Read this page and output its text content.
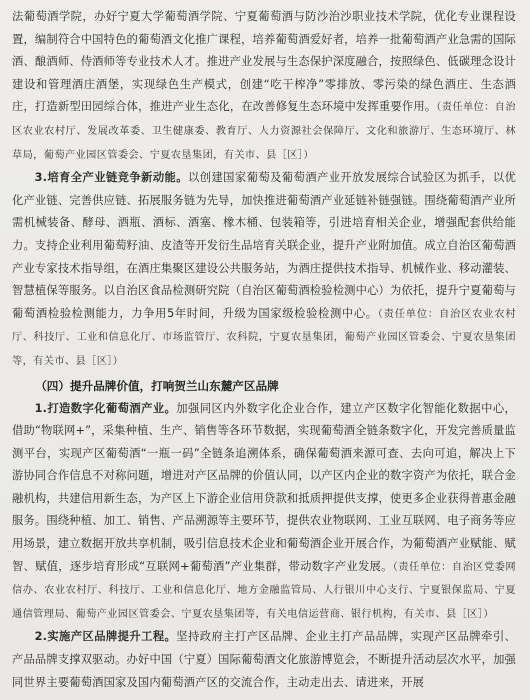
法葡萄酒学院，办好宁夏大学葡萄酒学院、宁夏葡萄酒与防沙治沙职业技术学院，优化专业课程设置，编制符合中国特色的葡萄酒文化推广课程，培养葡萄酒爱好者，培养一批葡萄酒产业急需的国际酒、酿酒师、侍酒师等专业技术人才。推进产业发展与生态保护深度融合，按照绿色、低碳理念设计建设和管理酒庄酒堡，实现绿色生产模式，创建“吃干榨净”零排放、零污染的绿色酒庄、生态酒庄，打造新型田园综合体，推进产业生态化，在改善修复生态环境中发挥重要作用。（责任单位：自治区农业农村厅、发展改革委、卫生健康委、教育厅、人力资源社会保障厅、文化和旅游厅、生态环境厅、林草局，葡萄产业园区管委会、宁夏农垦集团，有关市、县［区］）

3.培育全产业链竞争新动能。以创建国家葡萄及葡萄酒产业开放发展综合试验区为抓手，以优化产业链、完善供应链、拓展服务链为先导，加快推进葡萄酒产业延链补链强链。围绕葡萄酒产业所需机械装备、酵母、酒瓶、酒标、酒塞、橡木桶、包装箱等，引进培育相关企业，增强配套供给能力。支持企业利用葡萄籽油、皮渣等开发衍生品培育关联企业，提升产业附加值。成立自治区葡萄酒产业专家技术指导组，在酒庄集聚区建设公共服务站，为酒庄提供技术指导、机械作业、移动灌装、智慧植保等服务。以自治区食品检测研究院（自治区葡萄酒检验检测中心）为依托，提升宁夏葡萄与葡萄酒检验检测能力，力争用5年时间，升级为国家级检验检测中心。（责任单位：自治区农业农村厅、科技厅、工业和信息化厅、市场监管厅、农科院，宁夏农垦集团，葡萄产业园区管委会、宁夏农垦集团等，有关市、县［区］）

（四）提升品牌价值，打响贺兰山东麓产区品牌

1.打造数字化葡萄酒产业。加强同区内外数字化企业合作，建立产区数字化智能化数据中心，借助“物联网+”，采集种植、生产、销售等各环节数据，实现葡萄酒全链条数字化，开发完善质量监测平台，实现产区葡萄酒“一瓶一码”全链条追溯体系，确保葡萄酒来源可查、去向可追，解决上下游协同合作信息不对称问题，增进对产区品牌的价值认同，以产区内企业的数字资产为依托，联合金融机构，共建信用新生态，为产区上下游企业信用贷款和抵质押提供支撑，使更多企业获得普惠金融服务。围绕种植、加工、销售、产品溯源等主要环节，提供农业物联网、工业互联网、电子商务等应用场景，建立数据开放共享机制，吸引信息技术企业和葡萄酒企业开展合作，为葡萄酒产业赋能、赋智、赋值，逐步培育形成“互联网+葡萄酒”产业集群，带动数字产业发展。（责任单位：自治区党委网信办、农业农村厅、科技厅、工业和信息化厅、地方金融监管局、人行银川中心支行、宁夏银保监局、宁夏通信管理局、葡萄产业园区管委会、宁夏农垦集团等，有关电信运营商、银行机构，有关市、县［区］）

2.实施产区品牌提升工程。坚持政府主打产区品牌、企业主打产品品牌，实现产区品牌牵引、产品品牌支撑双驱动。办好中国（宁夏）国际葡萄酒文化旅游博览会，不断提升活动层次水平，加强同世界主要葡萄酒国家及国内葡萄酒产区的交流合作，主动走出去、请进来，开展
